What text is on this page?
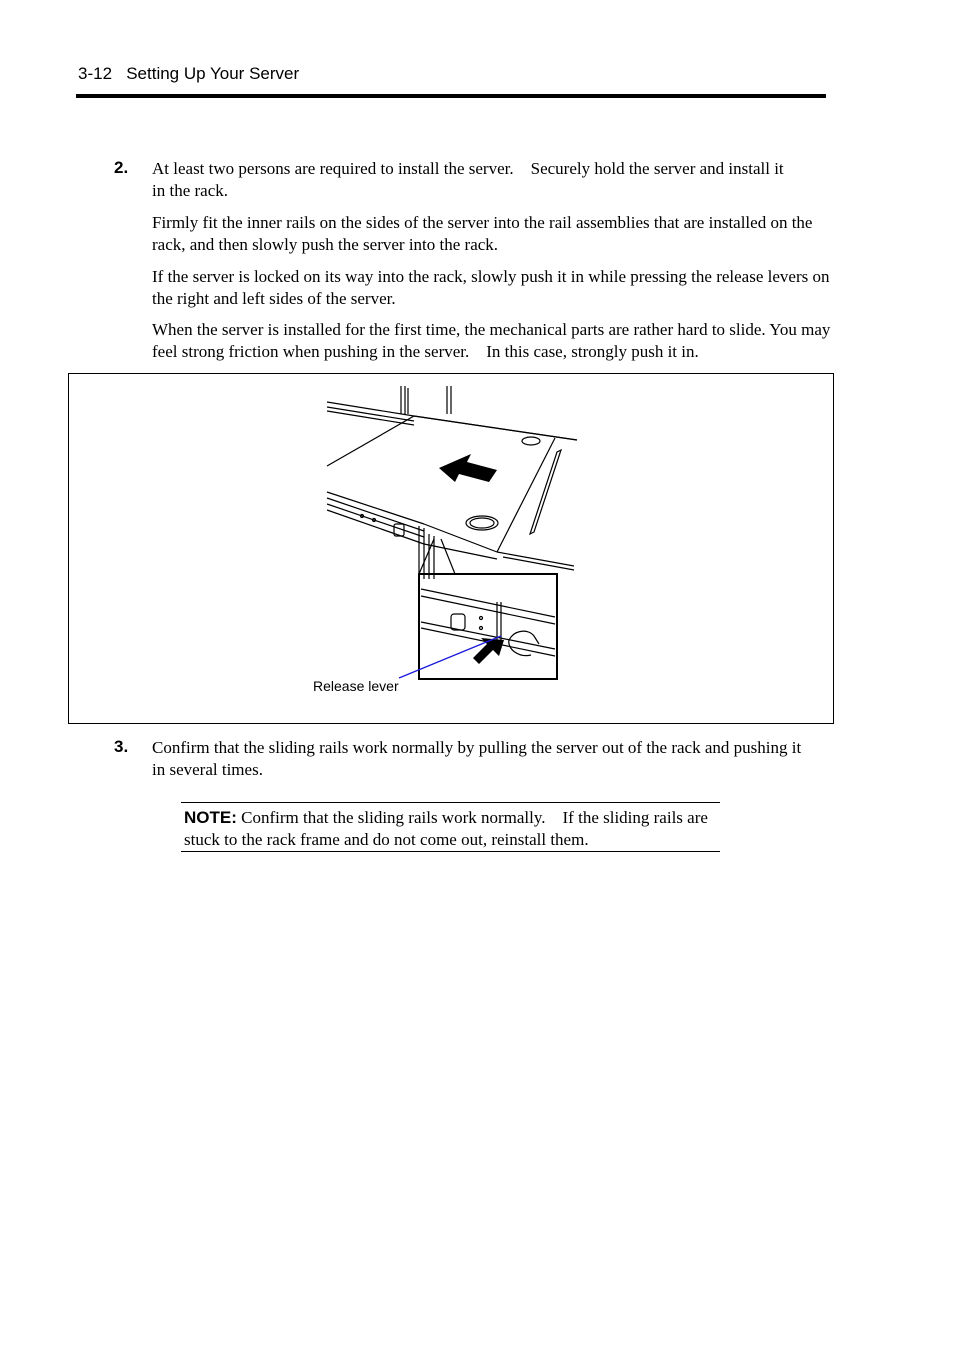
3-12 Setting Up Your Server
2. At least two persons are required to install the server. Securely hold the server and install it in the rack.

Firmly fit the inner rails on the sides of the server into the rail assemblies that are installed on the rack, and then slowly push the server into the rack.

If the server is locked on its way into the rack, slowly push it in while pressing the release levers on the right and left sides of the server.

When the server is installed for the first time, the mechanical parts are rather hard to slide. You may feel strong friction when pushing in the server. In this case, strongly push it in.

Release lever
3. Confirm that the sliding rails work normally by pulling the server out of the rack and pushing it in several times.

NOTE: Confirm that the sliding rails work normally. If the sliding rails are stuck to the rack frame and do not come out, reinstall them.
